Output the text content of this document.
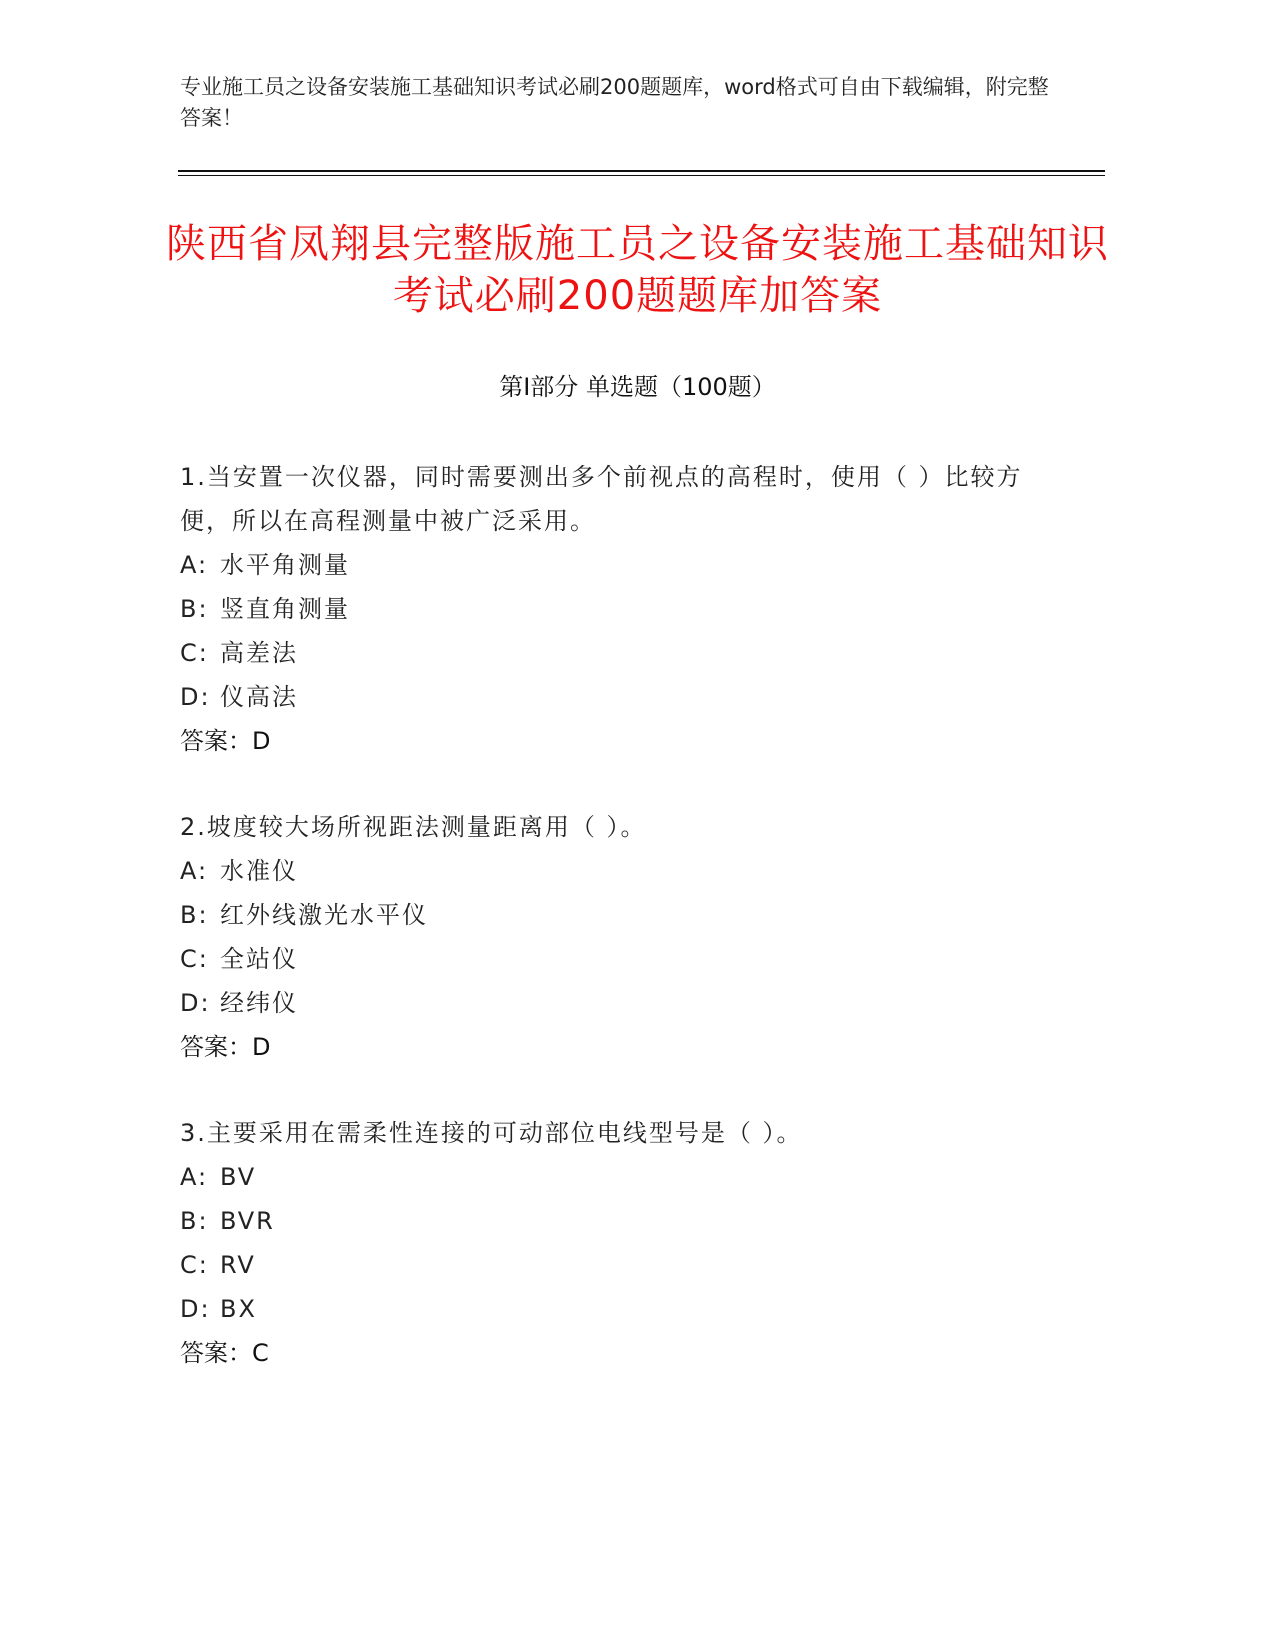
专业施工员之设备安装施工基础知识考试必刷200题题库，word格式可自由下载编辑，附完整答案！
陕西省凤翔县完整版施工员之设备安装施工基础知识考试必刷200题题库加答案
第Ⅰ部分 单选题（100题）

1.当安置一次仪器，同时需要测出多个前视点的高程时，使用（ ）比较方便，所以在高程测量中被广泛采用。

A: 水平角测量

B: 竖直角测量

C: 高差法

D: 仪高法

答案：D

2.坡度较大场所视距法测量距离用（ ）。

A: 水准仪

B: 红外线激光水平仪

C: 全站仪

D: 经纬仪

答案：D

3.主要采用在需柔性连接的可动部位电线型号是（ ）。

A: BV

B: BVR

C: RV

D: BX

答案：C
